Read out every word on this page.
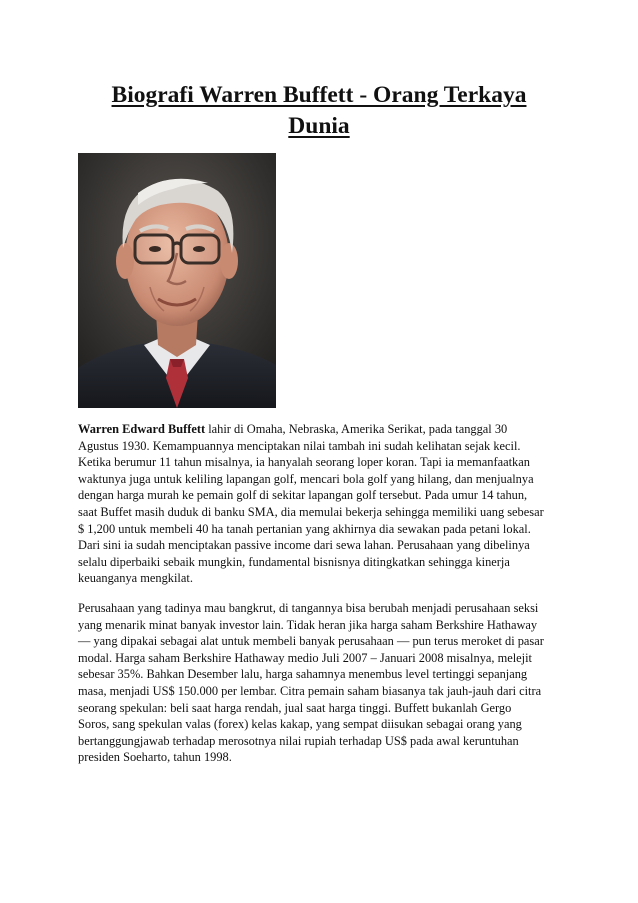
Biografi Warren Buffett - Orang Terkaya
Dunia

Warren Edward Buffett lahir di Omaha, Nebraska, Amerika Serikat, pada tanggal 30
Agustus 1930. Kemampuannya menciptakan nilai tambah ini sudah kelihatan sejak kecil.
Ketika berumur 11 tahun misalnya, ia hanyalah seorang loper koran. Tapi ia memanfaatkan
waktunya juga untuk keliling lapangan golf, mencari bola golf yang hilang, dan menjualnya
dengan harga murah ke pemain golf di sekitar lapangan golf tersebut. Pada umur 14 tahun,
saat Buffet masih duduk di banku SMA, dia memulai bekerja sehingga memiliki uang sebesar
$ 1,200 untuk membeli 40 ha tanah pertanian yang akhirnya dia sewakan pada petani lokal.
Dari sini ia sudah menciptakan passive income dari sewa lahan. Perusahaan yang dibelinya
selalu diperbaiki sebaik mungkin, fundamental bisnisnya ditingkatkan sehingga kinerja
keuanganya mengkilat.

Perusahaan yang tadinya mau bangkrut, di tangannya bisa berubah menjadi perusahaan seksi
yang menarik minat banyak investor lain. Tidak heran jika harga saham Berkshire Hathaway
— yang dipakai sebagai alat untuk membeli banyak perusahaan — pun terus meroket di pasar
modal. Harga saham Berkshire Hathaway medio Juli 2007 – Januari 2008 misalnya, melejit
sebesar 35%. Bahkan Desember lalu, harga sahamnya menembus level tertinggi sepanjang
masa, menjadi US$ 150.000 per lembar. Citra pemain saham biasanya tak jauh-jauh dari citra
seorang spekulan: beli saat harga rendah, jual saat harga tinggi. Buffett bukanlah Gergo
Soros, sang spekulan valas (forex) kelas kakap, yang sempat diisukan sebagai orang yang
bertanggungjawab terhadap merosotnya nilai rupiah terhadap US$ pada awal keruntuhan
presiden Soeharto, tahun 1998.
